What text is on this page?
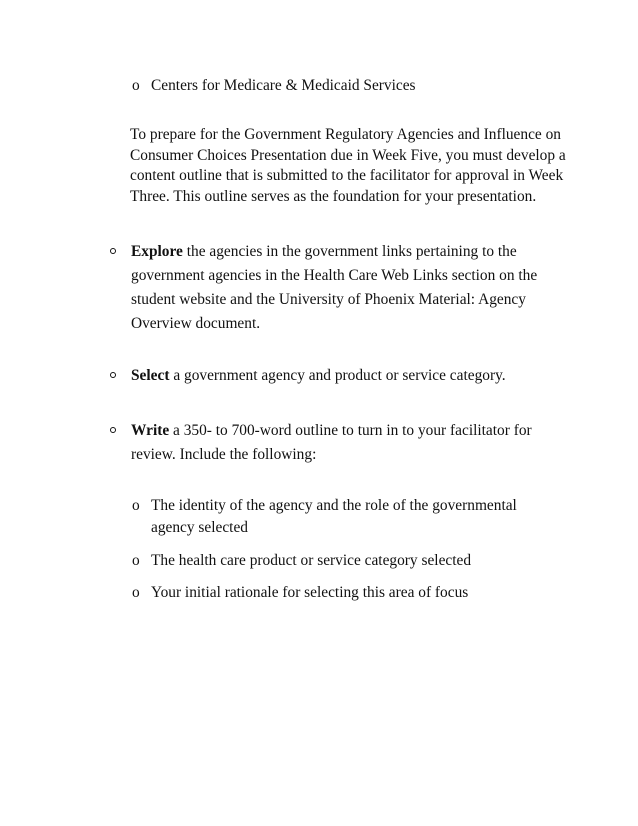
o Centers for Medicare & Medicaid Services
To prepare for the Government Regulatory Agencies and Influence on Consumer Choices Presentation due in Week Five, you must develop a content outline that is submitted to the facilitator for approval in Week Three. This outline serves as the foundation for your presentation.
Explore the agencies in the government links pertaining to the government agencies in the Health Care Web Links section on the student website and the University of Phoenix Material: Agency Overview document.
Select a government agency and product or service category.
Write a 350- to 700-word outline to turn in to your facilitator for review. Include the following:
o The identity of the agency and the role of the governmental agency selected
o The health care product or service category selected
o Your initial rationale for selecting this area of focus
